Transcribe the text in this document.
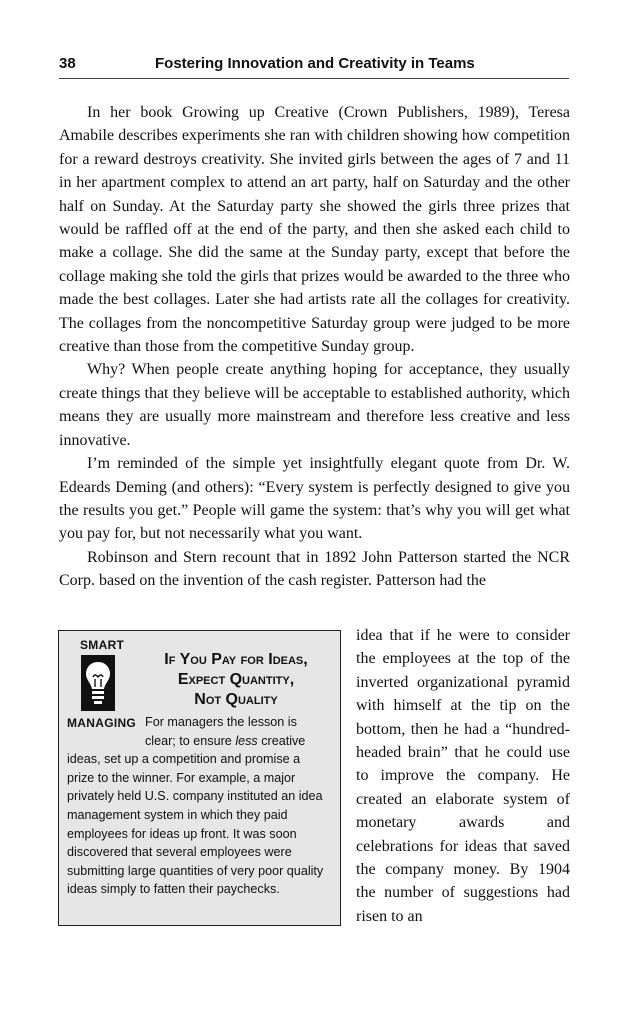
38	Fostering Innovation and Creativity in Teams

In her book Growing up Creative (Crown Publishers, 1989), Teresa Amabile describes experiments she ran with children showing how competition for a reward destroys creativity. She invited girls between the ages of 7 and 11 in her apartment complex to attend an art party, half on Saturday and the other half on Sunday. At the Saturday party she showed the girls three prizes that would be raffled off at the end of the party, and then she asked each child to make a collage. She did the same at the Sunday party, except that before the collage making she told the girls that prizes would be awarded to the three who made the best collages. Later she had artists rate all the collages for creativity. The collages from the noncompetitive Saturday group were judged to be more creative than those from the competitive Sunday group.

Why? When people create anything hoping for acceptance, they usually create things that they believe will be acceptable to established authority, which means they are usually more mainstream and therefore less creative and less innovative.

I’m reminded of the simple yet insightfully elegant quote from Dr. W. Edeards Deming (and others): “Every system is perfectly designed to give you the results you get.” People will game the system: that’s why you will get what you pay for, but not necessarily what you want.

Robinson and Stern recount that in 1892 John Patterson started the NCR Corp. based on the invention of the cash register. Patterson had the

idea that if he were to consider the employees at the top of the inverted organizational pyramid with himself at the tip on the bottom, then he had a “hundred-headed brain” that he could use to improve the company. He created an elaborate system of monetary awards and celebrations for ideas that saved the company money. By 1904 the number of suggestions had risen to an

SMART
MANAGING
If You Pay for Ideas,
Expect Quantity,
Not Quality

For managers the lesson is clear; to ensure less creative ideas, set up a competition and promise a prize to the winner. For example, a major privately held U.S. company instituted an idea management system in which they paid employees for ideas up front. It was soon discovered that several employees were submitting large quantities of very poor quality ideas simply to fatten their paychecks.
